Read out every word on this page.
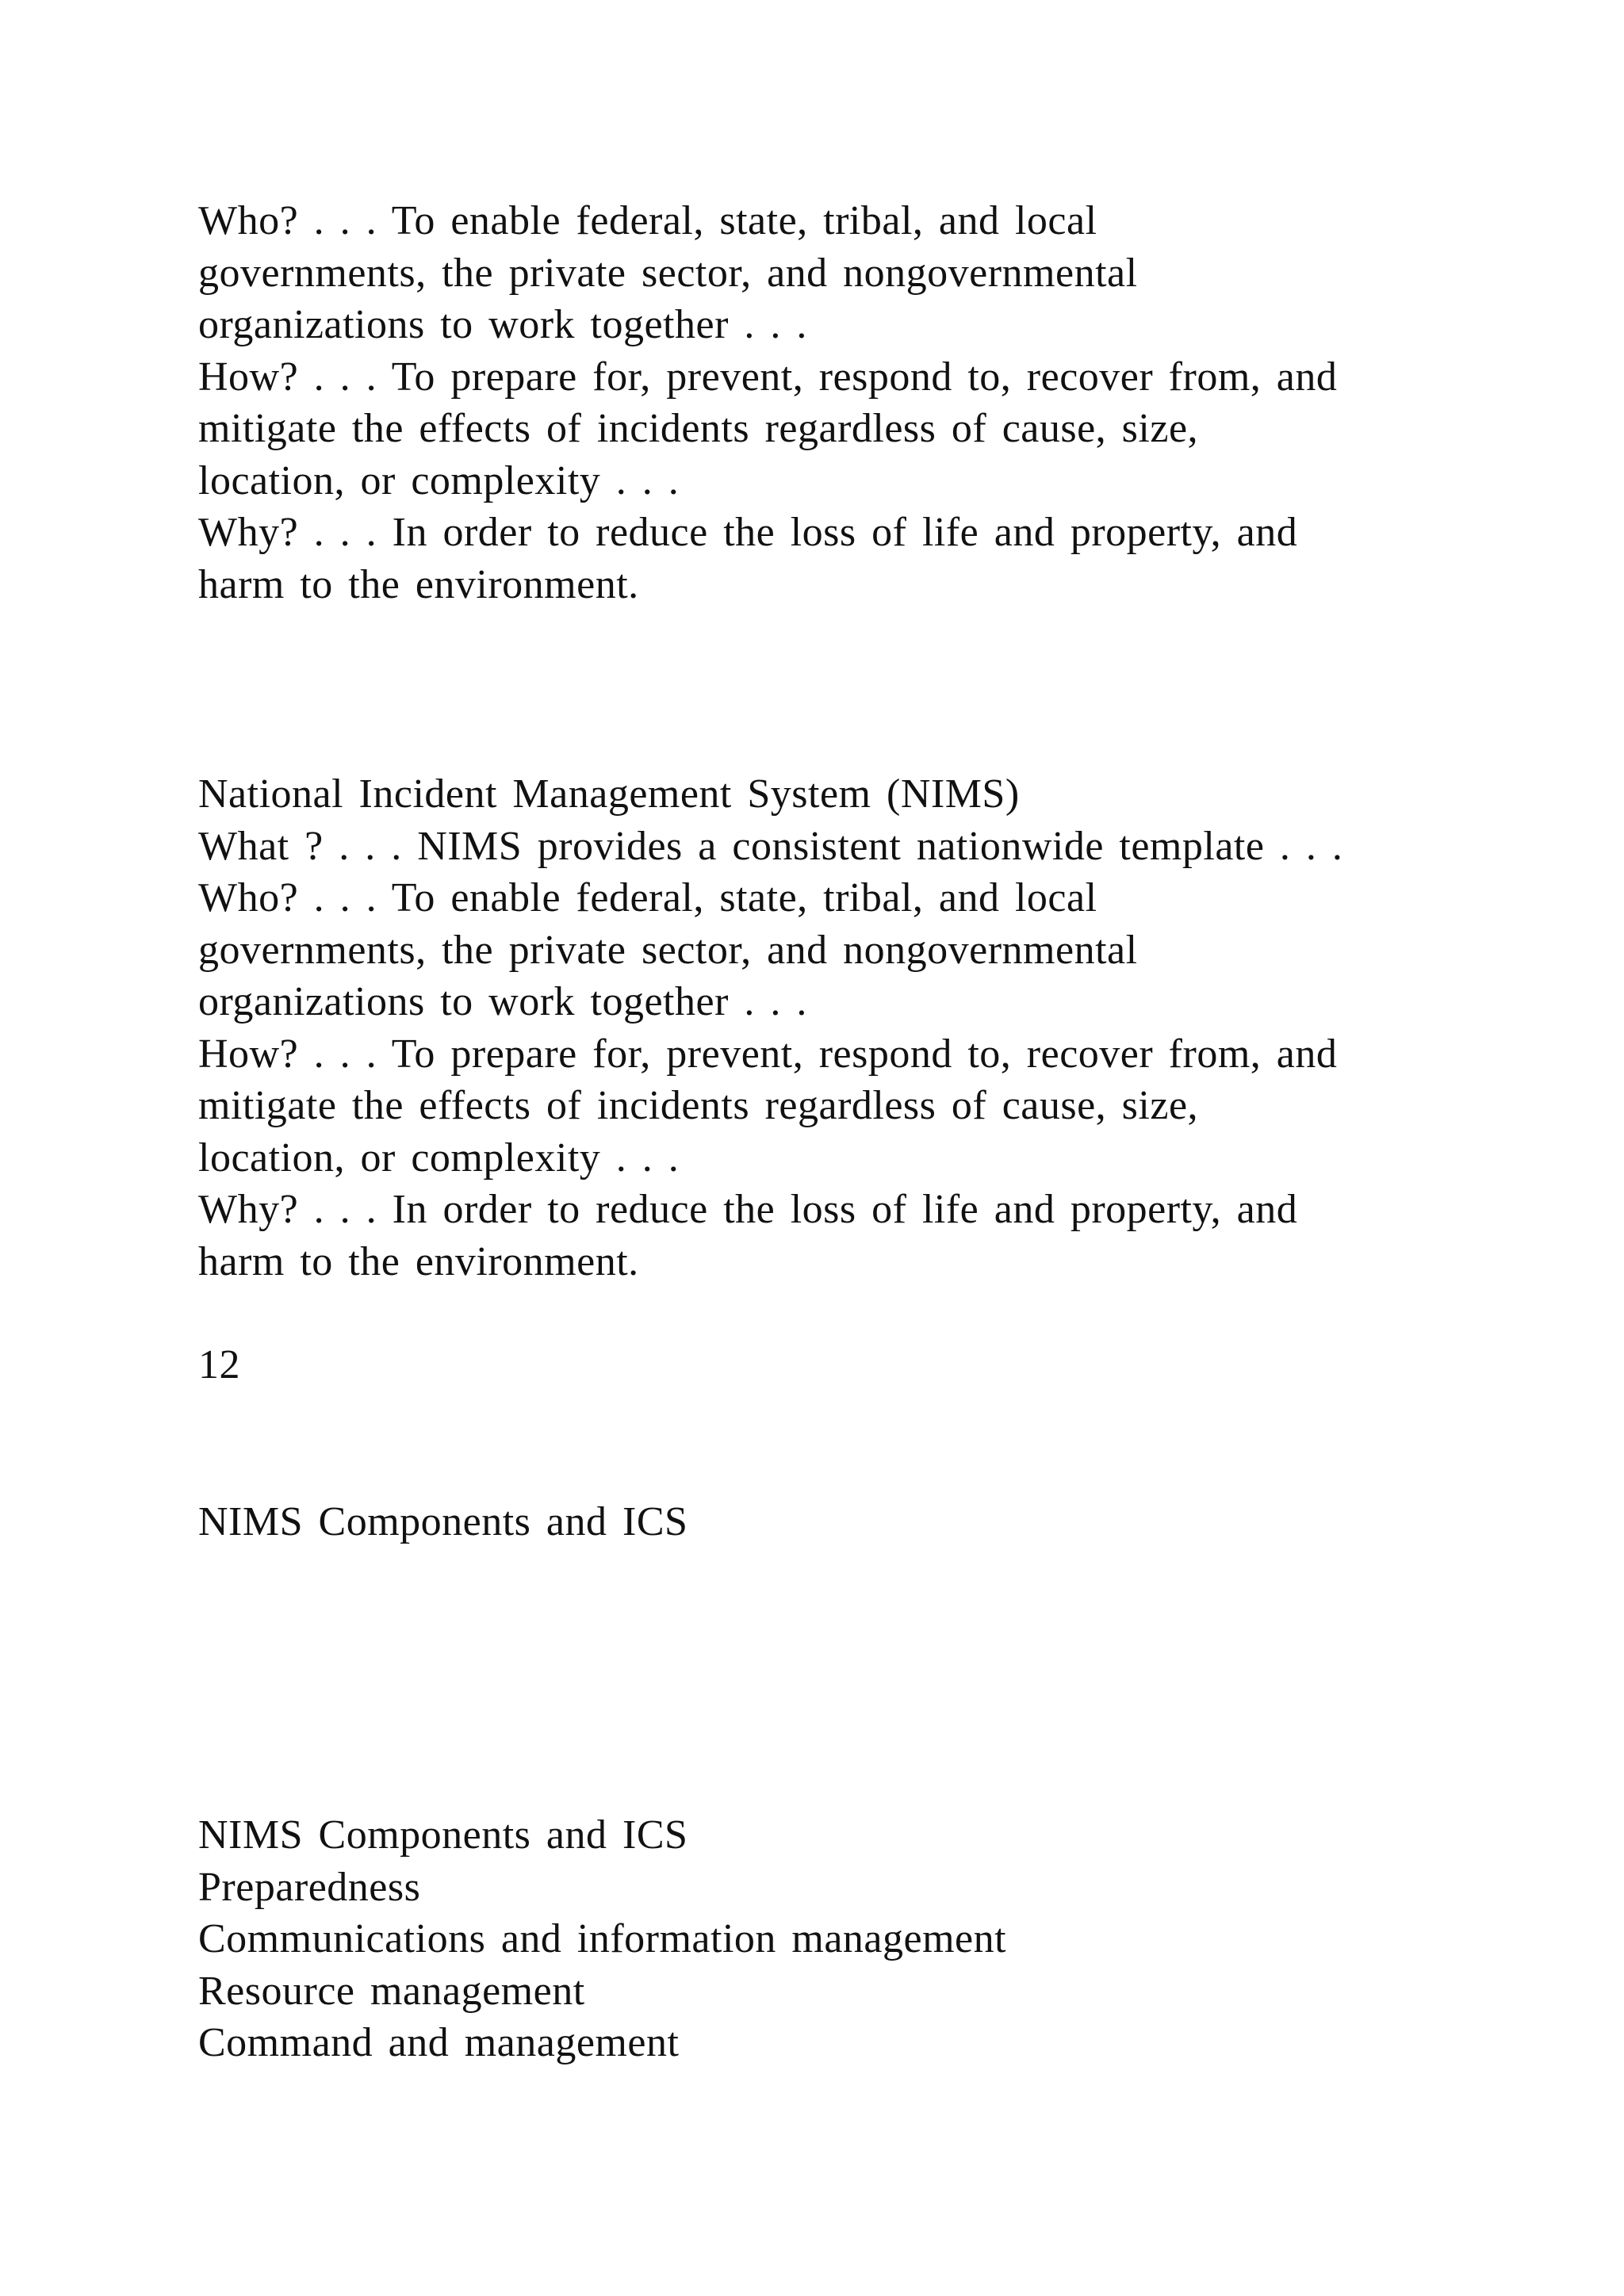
Who? . . . To enable federal, state, tribal, and local
governments, the private sector, and nongovernmental
organizations to work together . . .
How? . . . To prepare for, prevent, respond to, recover from, and
mitigate the effects of incidents regardless of cause, size,
location, or complexity . . .
Why? . . . In order to reduce the loss of life and property, and
harm to the environment.
National Incident Management System (NIMS)
What ? . . . NIMS provides a consistent nationwide template . . .
Who? . . . To enable federal, state, tribal, and local
governments, the private sector, and nongovernmental
organizations to work together . . .
How? . . . To prepare for, prevent, respond to, recover from, and
mitigate the effects of incidents regardless of cause, size,
location, or complexity . . .
Why? . . . In order to reduce the loss of life and property, and
harm to the environment.
12
NIMS Components and ICS
NIMS Components and ICS
Preparedness
Communications and information management
Resource management
Command and management
